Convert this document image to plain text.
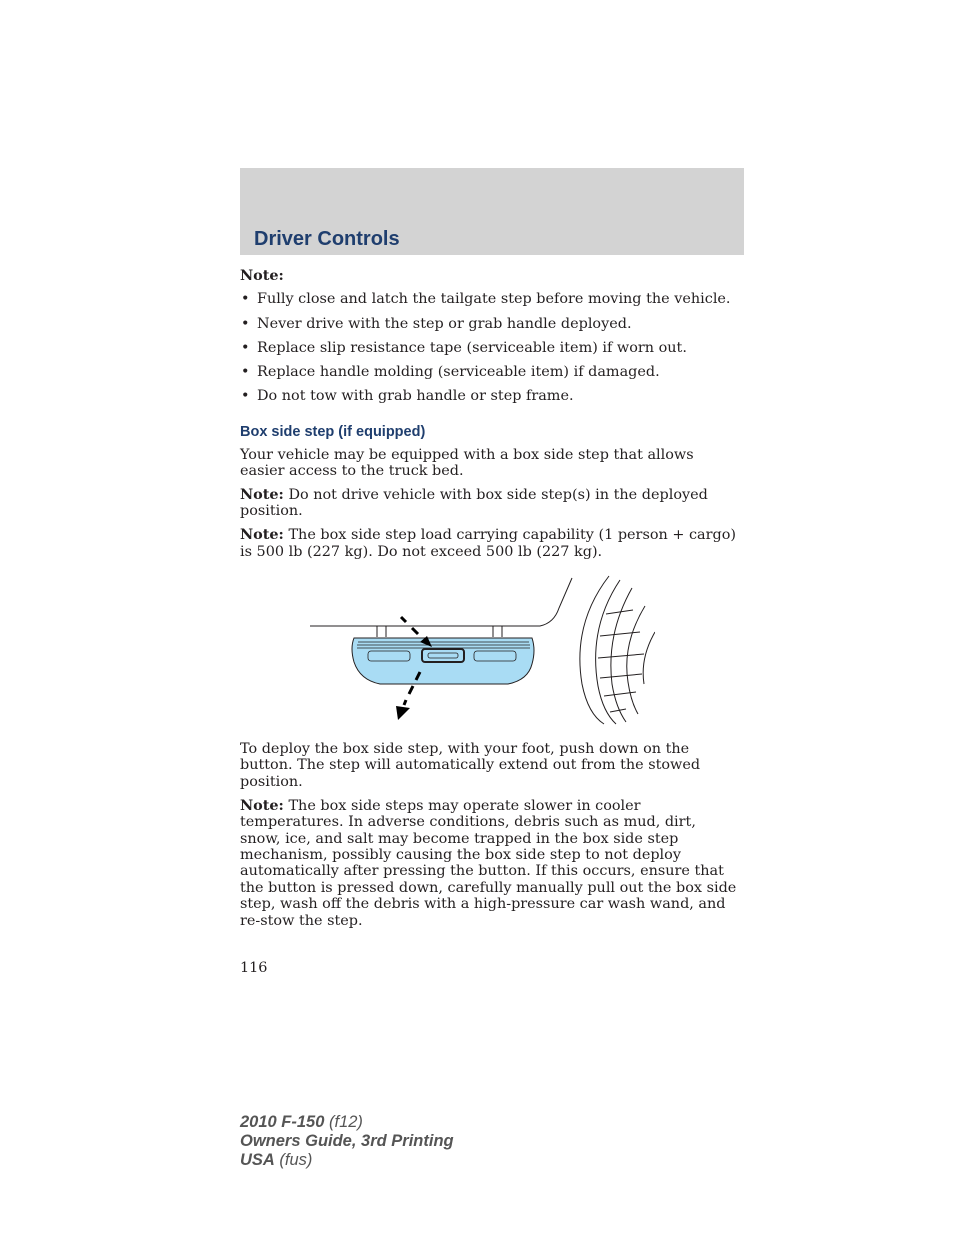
Driver Controls
Note:
• Fully close and latch the tailgate step before moving the vehicle.
• Never drive with the step or grab handle deployed.
• Replace slip resistance tape (serviceable item) if worn out.
• Replace handle molding (serviceable item) if damaged.
• Do not tow with grab handle or step frame.
Box side step (if equipped)

Your vehicle may be equipped with a box side step that allows easier access to the truck bed.

Note: Do not drive vehicle with box side step(s) in the deployed position.

Note: The box side step load carrying capability (1 person + cargo) is 500 lb (227 kg). Do not exceed 500 lb (227 kg).

To deploy the box side step, with your foot, push down on the button. The step will automatically extend out from the stowed position.

Note: The box side steps may operate slower in cooler temperatures. In adverse conditions, debris such as mud, dirt, snow, ice, and salt may become trapped in the box side step mechanism, possibly causing the box side step to not deploy automatically after pressing the button. If this occurs, ensure that the button is pressed down, carefully manually pull out the box side step, wash off the debris with a high-pressure car wash wand, and re-stow the step.

116
2010 F-150 (f12)
Owners Guide, 3rd Printing
USA (fus)
